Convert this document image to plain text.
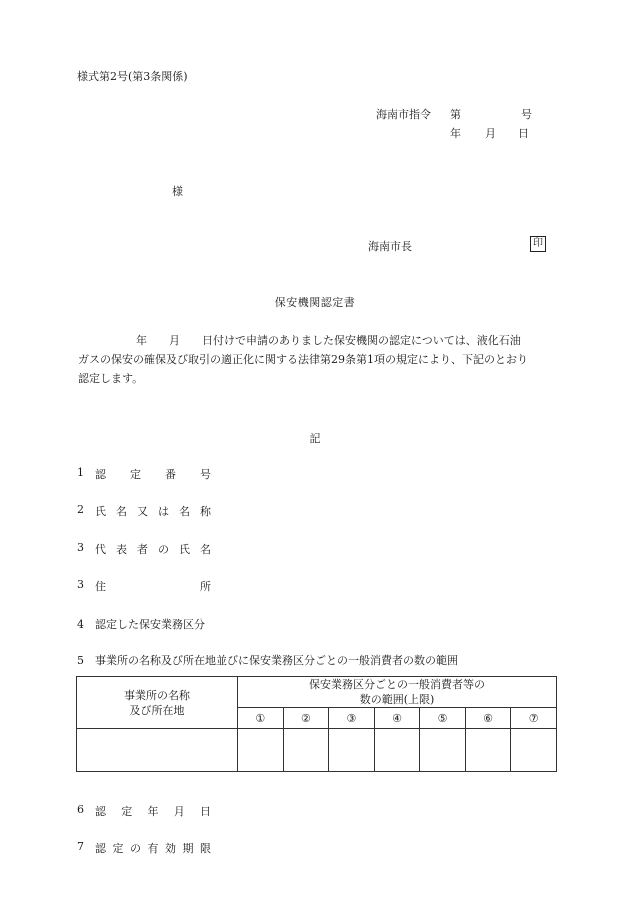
様式第2号(第3条関係)
海南市指令 第	号
年 月 日
様
海南市長	印
保安機関認定書
年 月 日付けで申請のありました保安機関の認定については、液化石油
ガスの保安の確保及び取引の適正化に関する法律第29条第1項の規定により、下記のとおり
認定します。
記
1 認定番号
2 氏名又は名称
3 代表者の氏名
3 住所
4 認定した保安業務区分
5 事業所の名称及び所在地並びに保安業務区分ごとの一般消費者の数の範囲
事業所の名称
及び所在地	保安業務区分ごとの一般消費者等の
数の範囲(上限)						
	①	②	③	④	⑤	⑥	⑦

6 認定年月日
7 認定の有効期限
